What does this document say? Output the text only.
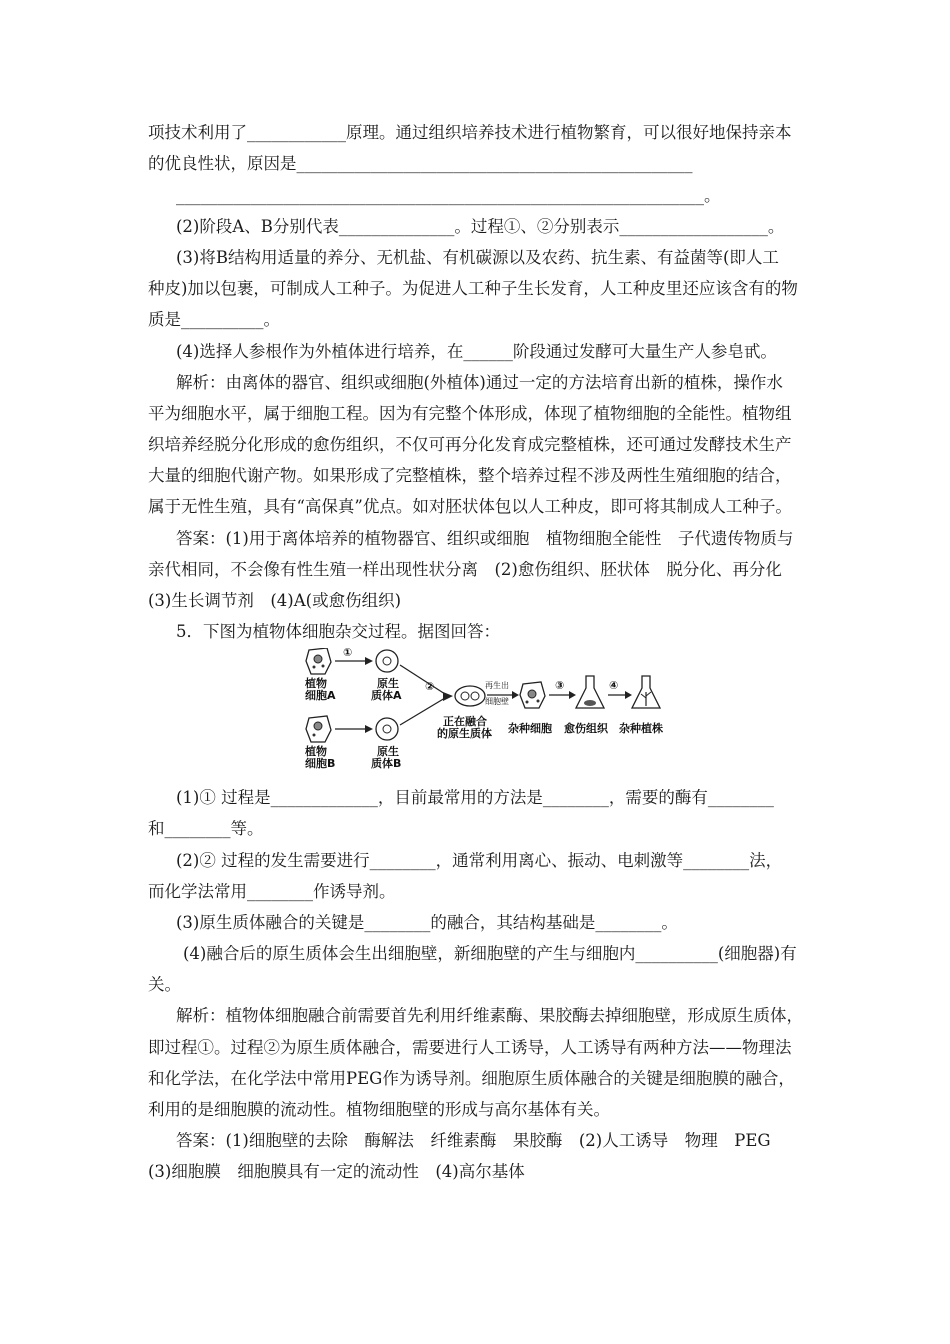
项技术利用了____________原理。通过组织培养技术进行植物繁育，可以很好地保持亲本
的优良性状，原因是________________________________________________
________________________________________________________________。
(2)阶段A、B分别代表______________。过程①、②分别表示__________________。
(3)将B结构用适量的养分、无机盐、有机碳源以及农药、抗生素、有益菌等(即人工
种皮)加以包裹，可制成人工种子。为促进人工种子生长发育，人工种皮里还应该含有的物
质是__________。
(4)选择人参根作为外植体进行培养，在______阶段通过发酵可大量生产人参皂甙。
解析：由离体的器官、组织或细胞(外植体)通过一定的方法培育出新的植株，操作水
平为细胞水平，属于细胞工程。因为有完整个体形成，体现了植物细胞的全能性。植物组
织培养经脱分化形成的愈伤组织，不仅可再分化发育成完整植株，还可通过发酵技术生产
大量的细胞代谢产物。如果形成了完整植株，整个培养过程不涉及两性生殖细胞的结合，
属于无性生殖，具有“高保真”优点。如对胚状体包以人工种皮，即可将其制成人工种子。
答案：(1)用于离体培养的植物器官、组织或细胞　植物细胞全能性　子代遗传物质与
亲代相同，不会像有性生殖一样出现性状分离　(2)愈伤组织、胚状体　脱分化、再分化
(3)生长调节剂　(4)A(或愈伤组织)
5．下图为植物体细胞杂交过程。据图回答：
植物
细胞A
①
原生
质体A
植物
细胞B
原生
质体B
②
正在融合
的原生质体
再生出
细胞壁
杂种细胞
③
愈伤组织
④
杂种植株
(1)① 过程是_____________，目前最常用的方法是________，需要的酶有________
和________等。
(2)② 过程的发生需要进行________，通常利用离心、振动、电刺激等________法，
而化学法常用________作诱导剂。
(3)原生质体融合的关键是________的融合，其结构基础是________。
(4)融合后的原生质体会生出细胞壁，新细胞壁的产生与细胞内__________(细胞器)有
关。
解析：植物体细胞融合前需要首先利用纤维素酶、果胶酶去掉细胞壁，形成原生质体，
即过程①。过程②为原生质体融合，需要进行人工诱导，人工诱导有两种方法——物理法
和化学法，在化学法中常用PEG作为诱导剂。细胞原生质体融合的关键是细胞膜的融合，
利用的是细胞膜的流动性。植物细胞壁的形成与高尔基体有关。
答案：(1)细胞壁的去除　酶解法　纤维素酶　果胶酶　(2)人工诱导　物理　PEG
(3)细胞膜　细胞膜具有一定的流动性　(4)高尔基体
